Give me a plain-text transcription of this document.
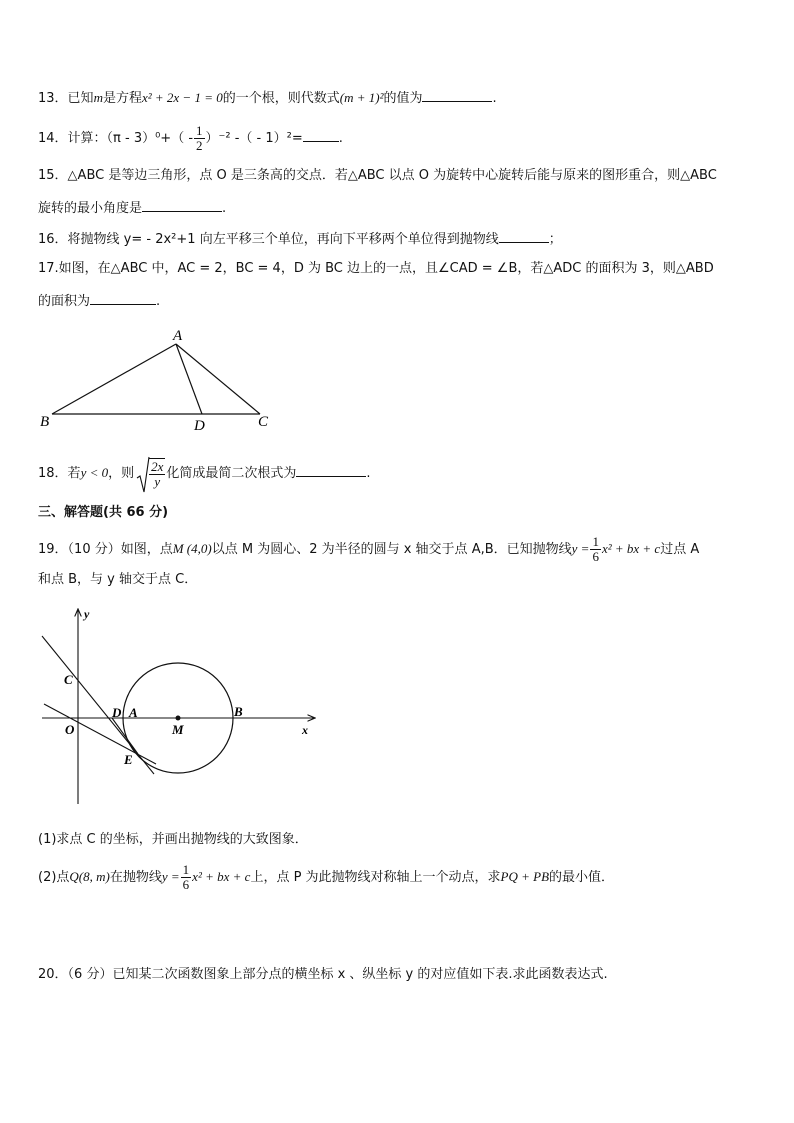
13．已知m是方程x² + 2x − 1 = 0的一个根，则代数式(m + 1)²的值为	.
14．计算：$(\pi - 3)^0+( - \frac{1}{2} )^{-2}$ -（ - 1）²=	.
15．△ABC 是等边三角形，点 O 是三条高的交点．若△ABC 以点 O 为旋转中心旋转后能与原来的图形重合，则△ABC
旋转的最小角度是	.
16．将抛物线 y= - 2x²+1 向左平移三个单位，再向下平移两个单位得到抛物线	；
17.如图，在△ABC 中，AC = 2，BC = 4，D 为 BC 边上的一点，且∠CAD = ∠B，若△ADC 的面积为 3，则△ABD
的面积为	.
A
B	C
D
18．若y < 0，则 $\frac{2x}{y}$ 化简成最简二次根式为	.
三、解答题(共 66 分)
19．（10 分）如图，点M (4,0)以点 M 为圆心、2 为半径的圆与 x 轴交于点 A,B．已知抛物线$y = \frac{1}{6} x^2$ + bx + c过点 A
和点 B，与 y 轴交于点 C．
y
x
C
O
D A	B
M
E
(1)求点 C 的坐标，并画出抛物线的大致图象．
(2)点Q(8, m)在抛物线$y = \frac{1}{6} x^2$ + bx + c上，点 P 为此抛物线对称轴上一个动点，求PQ + PB的最小值．
20．（6 分）已知某二次函数图象上部分点的横坐标 x 、纵坐标 y 的对应值如下表.求此函数表达式.
